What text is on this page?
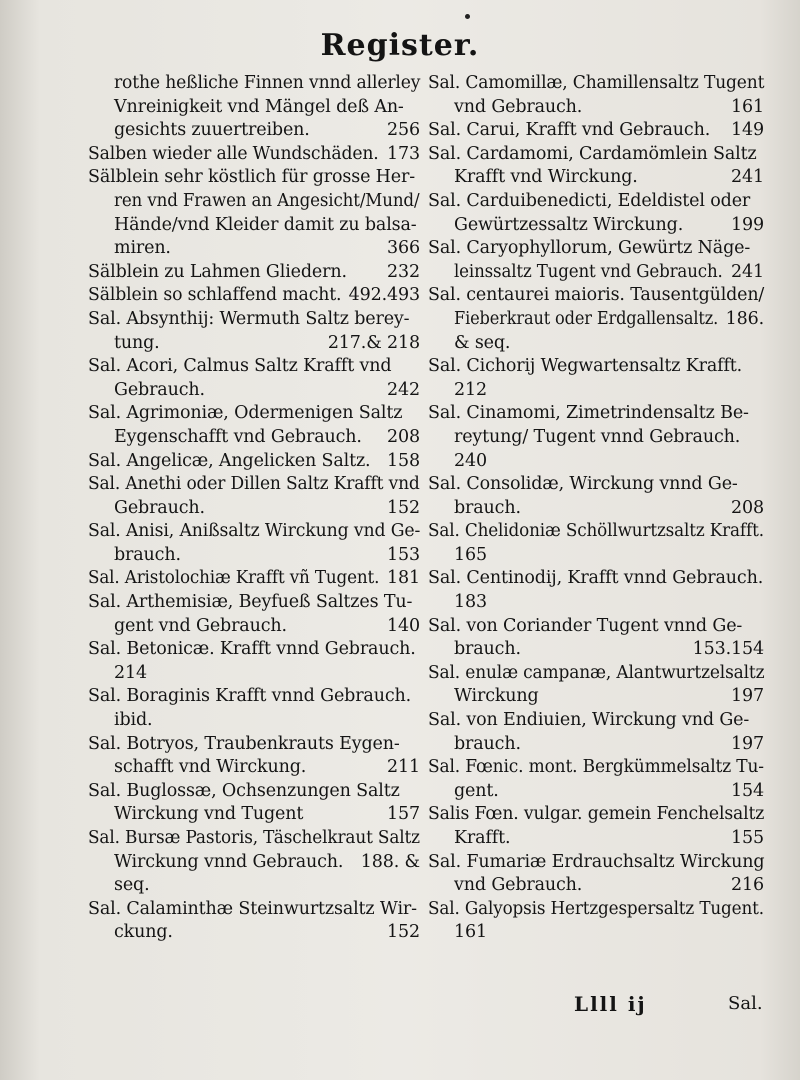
Register.
rothe heßliche Finnen vnnd allerley
Vnreinigkeit vnd Mängel deß An-
gesichts zuuertreiben.	256
Salben wieder alle Wundschäden. 173
Sälblein sehr köstlich für grosse Her-
ren vnd Frawen an Angesicht/Mund/
Hände/vnd Kleider damit zu balsa-
miren.	366
Sälblein zu Lahmen Gliedern. 232
Sälblein so schlaffend macht. 492.493
Sal. Absynthij: Wermuth Saltz berey-
tung.	217.& 218
Sal. Acori, Calmus Saltz Krafft vnd
Gebrauch.	242
Sal. Agrimoniæ, Odermenigen Saltz
Eygenschafft vnd Gebrauch. 208
Sal. Angelicæ, Angelicken Saltz. 158
Sal. Anethi oder Dillen Saltz Krafft vnd
Gebrauch.	152
Sal. Anisi, Anißsaltz Wirckung vnd Ge-
brauch.	153
Sal. Aristolochiæ Krafft vñ Tugent. 181
Sal. Arthemisiæ, Beyfueß Saltzes Tu-
gent vnd Gebrauch.	140
Sal. Betonicæ. Krafft vnnd Gebrauch.
214
Sal. Boraginis Krafft vnnd Gebrauch.
ibid.
Sal. Botryos, Traubenkrauts Eygen-
schafft vnd Wirckung.	211
Sal. Buglossæ, Ochsenzungen Saltz
Wirckung vnd Tugent	157
Sal. Bursæ Pastoris, Täschelkraut Saltz
Wirckung vnnd Gebrauch. 188. &
seq.
Sal. Calaminthæ Steinwurtzsaltz Wir-
ckung.	152
Sal. Camomillæ, Chamillensaltz Tugent
vnd Gebrauch.	161
Sal. Carui, Krafft vnd Gebrauch. 149
Sal. Cardamomi, Cardamömlein Saltz
Krafft vnd Wirckung.	241
Sal. Carduibenedicti, Edeldistel oder
Gewürtzessaltz Wirckung.	199
Sal. Caryophyllorum, Gewürtz Näge-
leinssaltz Tugent vnd Gebrauch. 241
Sal. centaurei maioris. Tausentgülden/
Fieberkraut oder Erdgallensaltz. 186.
& seq.
Sal. Cichorij Wegwartensaltz Krafft.
212
Sal. Cinamomi, Zimetrindensaltz Be-
reytung/ Tugent vnnd Gebrauch.
240
Sal. Consolidæ, Wirckung vnnd Ge-
brauch.	208
Sal. Chelidoniæ Schöllwurtzsaltz Krafft.
165
Sal. Centinodij, Krafft vnnd Gebrauch.
183
Sal. von Coriander Tugent vnnd Ge-
brauch.	153.154
Sal. enulæ campanæ, Alantwurtzelsaltz
Wirckung	197
Sal. von Endiuien, Wirckung vnd Ge-
brauch.	197
Sal. Fœnic. mont. Bergkümmelsaltz Tu-
gent.	154
Salis Fœn. vulgar. gemein Fenchelsaltz
Krafft.	155
Sal. Fumariæ Erdrauchsaltz Wirckung
vnd Gebrauch.	216
Sal. Galyopsis Hertzgespersaltz Tugent.
161
Llll ij	Sal.
